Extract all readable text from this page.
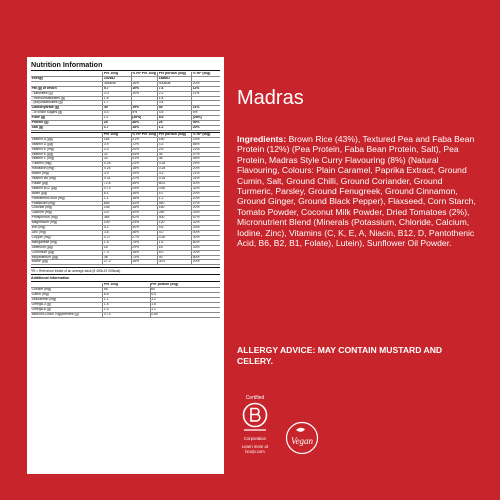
Nutrition Information
	Per 100g	% RI* Per 100g	Per portion (50g)	% RI* (50g)
Energy	1526kJ		1880kJ	
	364kcal	18%	400kcal	20%
Fat (g) of which	5.7	10%	7.4	11%
- saturates (g)	2.0	10%	2.2	11%
- monounsaturates (g)	1.6		1.8	
- polyunsaturates (g)	1.7		3.4	
Carbohydrate (g)	49	19%	54	21%
- of which sugars (g)	4.4	5%	4.8	5%
Fibre (g)	7.7	(26%)	8.5	(28%)
Protein (g)	25	46%	25	50%
Salt (g)	1.7	18%	1.2	20%
	Per 100g	% RI* Per 100g	Per portion (50g)	% RI* (50g)
Vitamin A (µg)	164	21%	180	23%
Vitamin D (µg)	3.9	72%	4.3	85%
Vitamin E (mg)	2.4	20%	2.6	22%
Vitamin K (µg)	32	43%	35	47%
Vitamin C (mg)	33	41%	36	45%
Thiamin (mg)	0.25	23%	0.28	25%
Riboflavin (mg)	0.25	18%	0.28	20%
Niacin (mg)	3.0	19%	3.3	21%
Vitamin B6 (mg)	0.31	22%	0.34	24%
Folate (µg)	72.8	36%	80.0	40%
Vitamin B12 (µg)	0.73	29%	0.80	32%
Biotin (µg)	8.1	16%	10	20%
Pantothenic Acid (mg)	1.1	18%	1.2	20%
Potassium (mg)	855	43%	940	47%
Chloride (mg)	146	18%	160	20%
Calcium (mg)	237	30%	260	33%
Phosphorus (mg)	364	52%	400	57%
Magnesium (mg)	109	29%	120	32%
Iron (mg)	4.2	30%	4.6	33%
Zinc (mg)	3.6	36%	4.0	40%
Copper (mg)	0.27	27%	0.30	30%
Manganese (mg)	1.5	75%	1.6	80%
Selenium (µg)	16	29%	18	33%
Chromium (µg)	7.3	18%	8.0	20%
Molybdenum (µg)	36	73%	40	80%
Iodine (µg)	27.3	18%	30.0	20%
*RI = Reference Intake of an average adult (8 400kJ/2 000kcal).
Additional Information
	Per 100g	Per portion (50g)
Choline (mg)	55	60
Lutein (mg)	8.6	9.4
Zeaxanthin (mg)	1.1	1.2
Omega-3 (g)	1.5	1.6
Omega-6 (g)	1.0	1.1
Medium-Chain Triglycerides (g)	0.73	0.80
Madras
Ingredients: Brown Rice (43%), Textured Pea and Faba Bean Protein (12%) (Pea Protein, Faba Bean Protein, Salt), Pea Protein, Madras Style Curry Flavouring (8%) (Natural Flavouring, Colours: Plain Caramel, Paprika Extract, Ground Cumin, Salt, Ground Chilli, Ground Coriander, Ground Turmeric, Parsley, Ground Fenugreek, Ground Cinnamon, Ground Ginger, Ground Black Pepper), Flaxseed, Corn Starch, Tomato Powder, Coconut Milk Powder, Dried Tomatoes (2%), Micronutrient Blend (Minerals (Potassium, Chloride, Calcium, Iodine, Zinc), Vitamins (C, K, E, A, Niacin, B12, D, Pantothenic Acid, B6, B2, B1, Folate), Lutein), Sunflower Oil Powder.
ALLERGY ADVICE: MAY CONTAIN MUSTARD AND CELERY.
Certified
Corporation
Learn more at
bcorp.com
Vegan
